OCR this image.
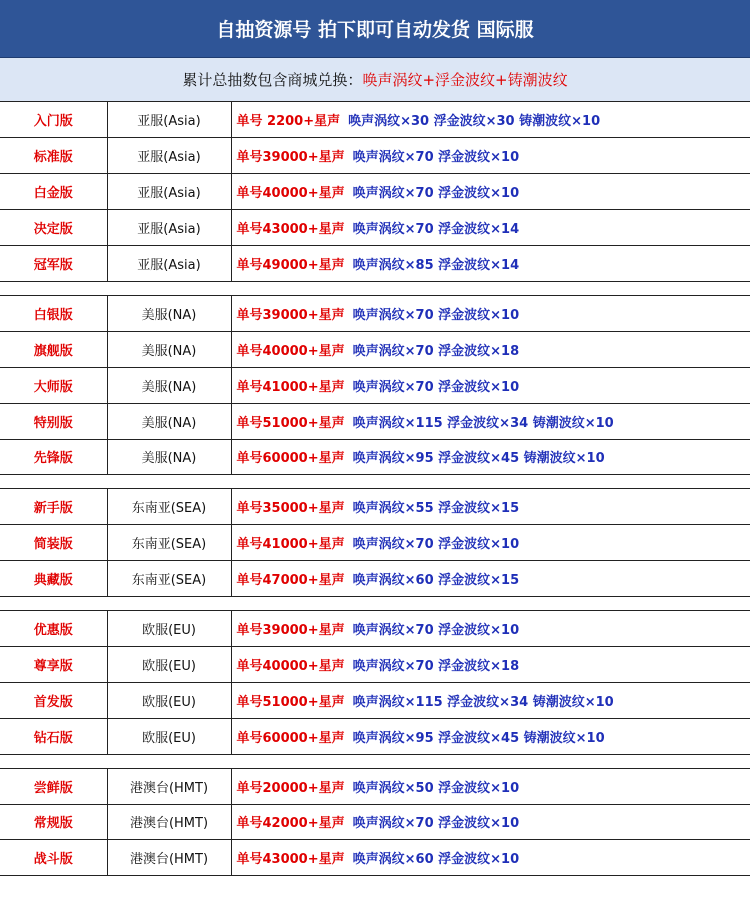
自抽资源号 拍下即可自动发货 国际服
累计总抽数包含商城兑换： 唤声涡纹+浮金波纹+铸潮波纹
入门版	亚服(Asia)	单号 2200+星声 唤声涡纹×30 浮金波纹×30 铸潮波纹×10
标准版	亚服(Asia)	单号39000+星声 唤声涡纹×70 浮金波纹×10
白金版	亚服(Asia)	单号40000+星声 唤声涡纹×70 浮金波纹×10
决定版	亚服(Asia)	单号43000+星声 唤声涡纹×70 浮金波纹×14
冠军版	亚服(Asia)	单号49000+星声 唤声涡纹×85 浮金波纹×14

白银版	美服(NA)	单号39000+星声 唤声涡纹×70 浮金波纹×10
旗舰版	美服(NA)	单号40000+星声 唤声涡纹×70 浮金波纹×18
大师版	美服(NA)	单号41000+星声 唤声涡纹×70 浮金波纹×10
特别版	美服(NA)	单号51000+星声 唤声涡纹×115 浮金波纹×34 铸潮波纹×10
先锋版	美服(NA)	单号60000+星声 唤声涡纹×95 浮金波纹×45 铸潮波纹×10

新手版	东南亚(SEA)	单号35000+星声 唤声涡纹×55 浮金波纹×15
简装版	东南亚(SEA)	单号41000+星声 唤声涡纹×70 浮金波纹×10
典藏版	东南亚(SEA)	单号47000+星声 唤声涡纹×60 浮金波纹×15

优惠版	欧服(EU)	单号39000+星声 唤声涡纹×70 浮金波纹×10
尊享版	欧服(EU)	单号40000+星声 唤声涡纹×70 浮金波纹×18
首发版	欧服(EU)	单号51000+星声 唤声涡纹×115 浮金波纹×34 铸潮波纹×10
钻石版	欧服(EU)	单号60000+星声 唤声涡纹×95 浮金波纹×45 铸潮波纹×10

尝鲜版	港澳台(HMT)	单号20000+星声 唤声涡纹×50 浮金波纹×10
常规版	港澳台(HMT)	单号42000+星声 唤声涡纹×70 浮金波纹×10
战斗版	港澳台(HMT)	单号43000+星声 唤声涡纹×60 浮金波纹×10
